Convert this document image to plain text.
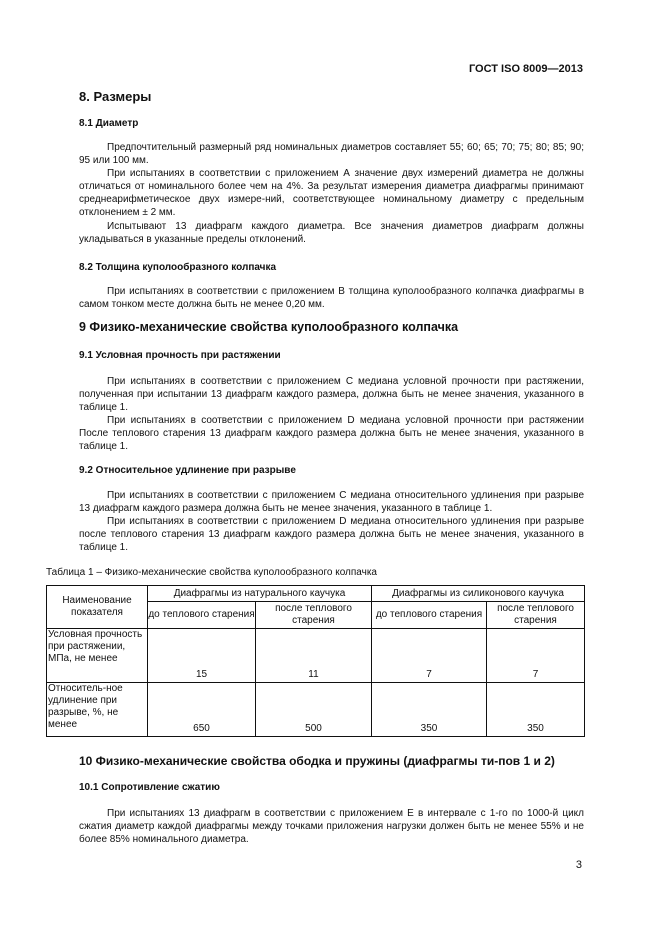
ГОСТ ISO 8009—2013
8. Размеры
8.1 Диаметр

Предпочтительный размерный ряд номинальных диаметров составляет 55; 60; 65; 70; 75; 80; 85; 90; 95 или 100 мм.

При испытаниях в соответствии с приложением А значение двух измерений диаметра не должны отличаться от номинального более чем на 4%. За результат измерения диаметра диафрагмы принимают среднеарифметическое двух измере-ний, соответствующее номинальному диаметру с предельным отклонением ± 2 мм.

Испытывают 13 диафрагм каждого диаметра. Все значения диаметров диафрагм должны укладываться в указанные пределы отклонений.

8.2 Толщина куполообразного колпачка

При испытаниях в соответствии с приложением В толщина куполообразного колпачка диафрагмы в самом тонком месте должна быть не менее 0,20 мм.

9 Физико-механические свойства куполообразного колпачка
9.1 Условная прочность при растяжении

При испытаниях в соответствии с приложением С медиана условной прочности при растяжении, полученная при испытании 13 диафрагм каждого размера, должна быть не менее значения, указанного в таблице 1.

При испытаниях в соответствии с приложением D медиана условной прочности при растяжении После теплового старения 13 диафрагм каждого размера должна быть не менее значения, указанного в таблице 1.

9.2 Относительное удлинение при разрыве

При испытаниях в соответствии с приложением С медиана относительного удлинения при разрыве 13 диафрагм каждого размера должна быть не менее значения, указанного в таблице 1.

При испытаниях в соответствии с приложением D медиана относительного удлинения при разрыве после теплового старения 13 диафрагм каждого размера должна быть не менее значения, указанного в таблице 1.

Таблица 1 – Физико-механические свойства куполообразного колпачка
Наименование показателя	Диафрагмы из натурального каучука		Диафрагмы из силиконового каучука	
	до теплового старения	после теплового старения	до теплового старения	после теплового старения
Условная прочность при растяжении, МПа, не менее	15	11	7	7
Относитель-ное удлинение при разрыве, %, не менее	650	500	350	350
10 Физико-механические свойства ободка и пружины (диафрагмы ти-пов 1 и 2)
10.1 Сопротивление сжатию

При испытаниях 13 диафрагм в соответствии с приложением Е в интервале с 1-го по 1000-й цикл сжатия диаметр каждой диафрагмы между точками приложения нагрузки должен быть не менее 55% и не более 85% номинального диаметра.

3
